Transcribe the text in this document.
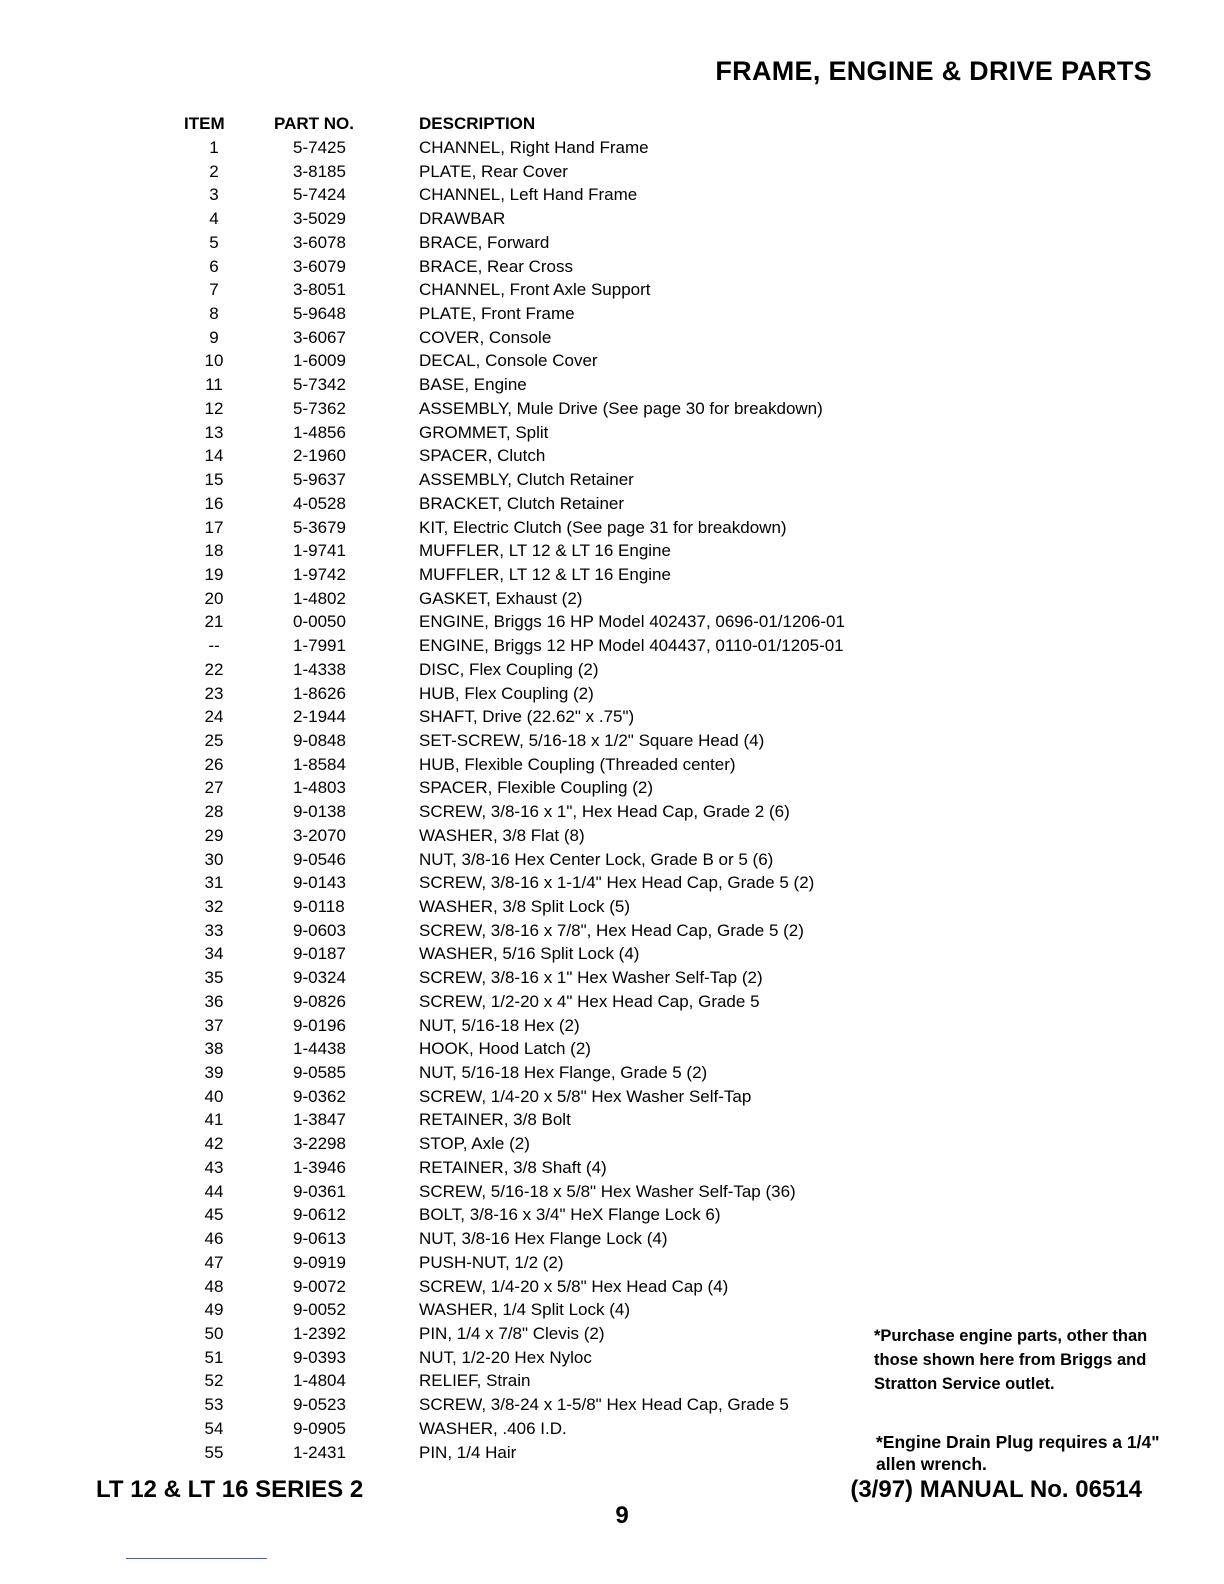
FRAME, ENGINE & DRIVE PARTS
ITEM	PART NO.	DESCRIPTION
1	5-7425	CHANNEL, Right Hand Frame
2	3-8185	PLATE, Rear Cover
3	5-7424	CHANNEL, Left Hand Frame
4	3-5029	DRAWBAR
5	3-6078	BRACE, Forward
6	3-6079	BRACE, Rear Cross
7	3-8051	CHANNEL, Front Axle Support
8	5-9648	PLATE, Front Frame
9	3-6067	COVER, Console
10	1-6009	DECAL, Console Cover
11	5-7342	BASE, Engine
12	5-7362	ASSEMBLY, Mule Drive (See page 30 for breakdown)
13	1-4856	GROMMET, Split
14	2-1960	SPACER, Clutch
15	5-9637	ASSEMBLY, Clutch Retainer
16	4-0528	BRACKET, Clutch Retainer
17	5-3679	KIT, Electric Clutch (See page 31 for breakdown)
18	1-9741	MUFFLER, LT 12 & LT 16 Engine
19	1-9742	MUFFLER, LT 12 & LT 16 Engine
20	1-4802	GASKET, Exhaust (2)
21	0-0050	ENGINE, Briggs 16 HP Model 402437, 0696-01/1206-01
--	1-7991	ENGINE, Briggs 12 HP Model 404437, 0110-01/1205-01
22	1-4338	DISC, Flex Coupling (2)
23	1-8626	HUB, Flex Coupling (2)
24	2-1944	SHAFT, Drive (22.62" x .75")
25	9-0848	SET-SCREW, 5/16-18 x 1/2" Square Head (4)
26	1-8584	HUB, Flexible Coupling (Threaded center)
27	1-4803	SPACER, Flexible Coupling (2)
28	9-0138	SCREW, 3/8-16 x 1", Hex Head Cap, Grade 2 (6)
29	3-2070	WASHER, 3/8 Flat (8)
30	9-0546	NUT, 3/8-16 Hex Center Lock, Grade B or 5 (6)
31	9-0143	SCREW, 3/8-16 x 1-1/4" Hex Head Cap, Grade 5 (2)
32	9-0118	WASHER, 3/8 Split Lock (5)
33	9-0603	SCREW, 3/8-16 x 7/8", Hex Head Cap, Grade 5 (2)
34	9-0187	WASHER, 5/16 Split Lock (4)
35	9-0324	SCREW, 3/8-16 x 1" Hex Washer Self-Tap (2)
36	9-0826	SCREW, 1/2-20 x 4" Hex Head Cap, Grade 5
37	9-0196	NUT, 5/16-18 Hex (2)
38	1-4438	HOOK, Hood Latch (2)
39	9-0585	NUT, 5/16-18 Hex Flange, Grade 5 (2)
40	9-0362	SCREW, 1/4-20 x 5/8" Hex Washer Self-Tap
41	1-3847	RETAINER, 3/8 Bolt
42	3-2298	STOP, Axle (2)
43	1-3946	RETAINER, 3/8 Shaft (4)
44	9-0361	SCREW, 5/16-18 x 5/8" Hex Washer Self-Tap (36)
45	9-0612	BOLT, 3/8-16 x 3/4" HeX Flange Lock 6)
46	9-0613	NUT, 3/8-16 Hex Flange Lock (4)
47	9-0919	PUSH-NUT, 1/2 (2)
48	9-0072	SCREW, 1/4-20 x 5/8" Hex Head Cap (4)
49	9-0052	WASHER, 1/4 Split Lock (4)
50	1-2392	PIN, 1/4 x 7/8" Clevis (2)
51	9-0393	NUT, 1/2-20 Hex Nyloc
52	1-4804	RELIEF, Strain
53	9-0523	SCREW, 3/8-24 x 1-5/8" Hex Head Cap, Grade 5
54	9-0905	WASHER, .406 I.D.
55	1-2431	PIN, 1/4 Hair
*Purchase engine parts, other than those shown here from Briggs and Stratton Service outlet.
*Engine Drain Plug requires a 1/4" allen wrench.
LT 12 & LT 16 SERIES 2	(3/97) MANUAL No. 06514
9
